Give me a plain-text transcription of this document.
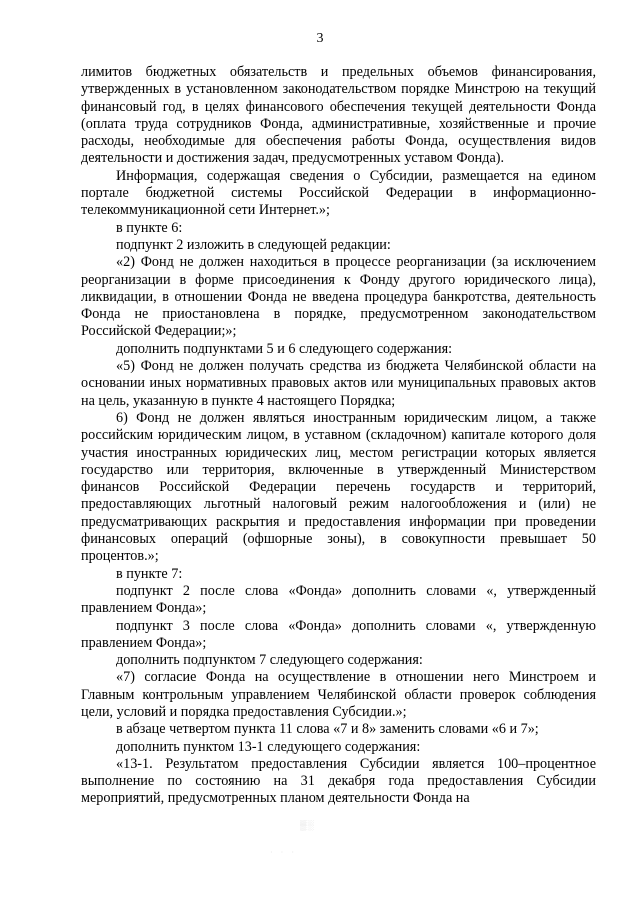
3

лимитов бюджетных обязательств и предельных объемов финансирования, утвержденных в установленном законодательством порядке Минстрою на текущий финансовый год, в целях финансового обеспечения текущей деятельности Фонда (оплата труда сотрудников Фонда, административные, хозяйственные и прочие расходы, необходимые для обеспечения работы Фонда, осуществления видов деятельности и достижения задач, предусмотренных уставом Фонда).

Информация, содержащая сведения о Субсидии, размещается на едином портале бюджетной системы Российской Федерации в информационно-телекоммуникационной сети Интернет.»;

в пункте 6:

подпункт 2 изложить в следующей редакции:

«2) Фонд не должен находиться в процессе реорганизации (за исключением реорганизации в форме присоединения к Фонду другого юридического лица), ликвидации, в отношении Фонда не введена процедура банкротства, деятельность Фонда не приостановлена в порядке, предусмотренном законодательством Российской Федерации;»;

дополнить подпунктами 5 и 6 следующего содержания:

«5) Фонд не должен получать средства из бюджета Челябинской области на основании иных нормативных правовых актов или муниципальных правовых актов на цель, указанную в пункте 4 настоящего Порядка;

6) Фонд не должен являться иностранным юридическим лицом, а также российским юридическим лицом, в уставном (складочном) капитале которого доля участия иностранных юридических лиц, местом регистрации которых является государство или территория, включенные в утвержденный Министерством финансов Российской Федерации перечень государств и территорий, предоставляющих льготный налоговый режим налогообложения и (или) не предусматривающих раскрытия и предоставления информации при проведении финансовых операций (офшорные зоны), в совокупности превышает 50 процентов.»;

в пункте 7:

подпункт 2 после слова «Фонда» дополнить словами «, утвержденный правлением Фонда»;

подпункт 3 после слова «Фонда» дополнить словами «, утвержденную правлением Фонда»;

дополнить подпунктом 7 следующего содержания:

«7) согласие Фонда на осуществление в отношении него Минстроем и Главным контрольным управлением Челябинской области проверок соблюдения цели, условий и порядка предоставления Субсидии.»;

в абзаце четвертом пункта 11 слова «7 и 8» заменить словами «6 и 7»;

дополнить пунктом 13-1 следующего содержания:

«13-1. Результатом предоставления Субсидии является 100–процентное выполнение по состоянию на 31 декабря года предоставления Субсидии мероприятий, предусмотренных планом деятельности Фонда на

▒░
· · ·
